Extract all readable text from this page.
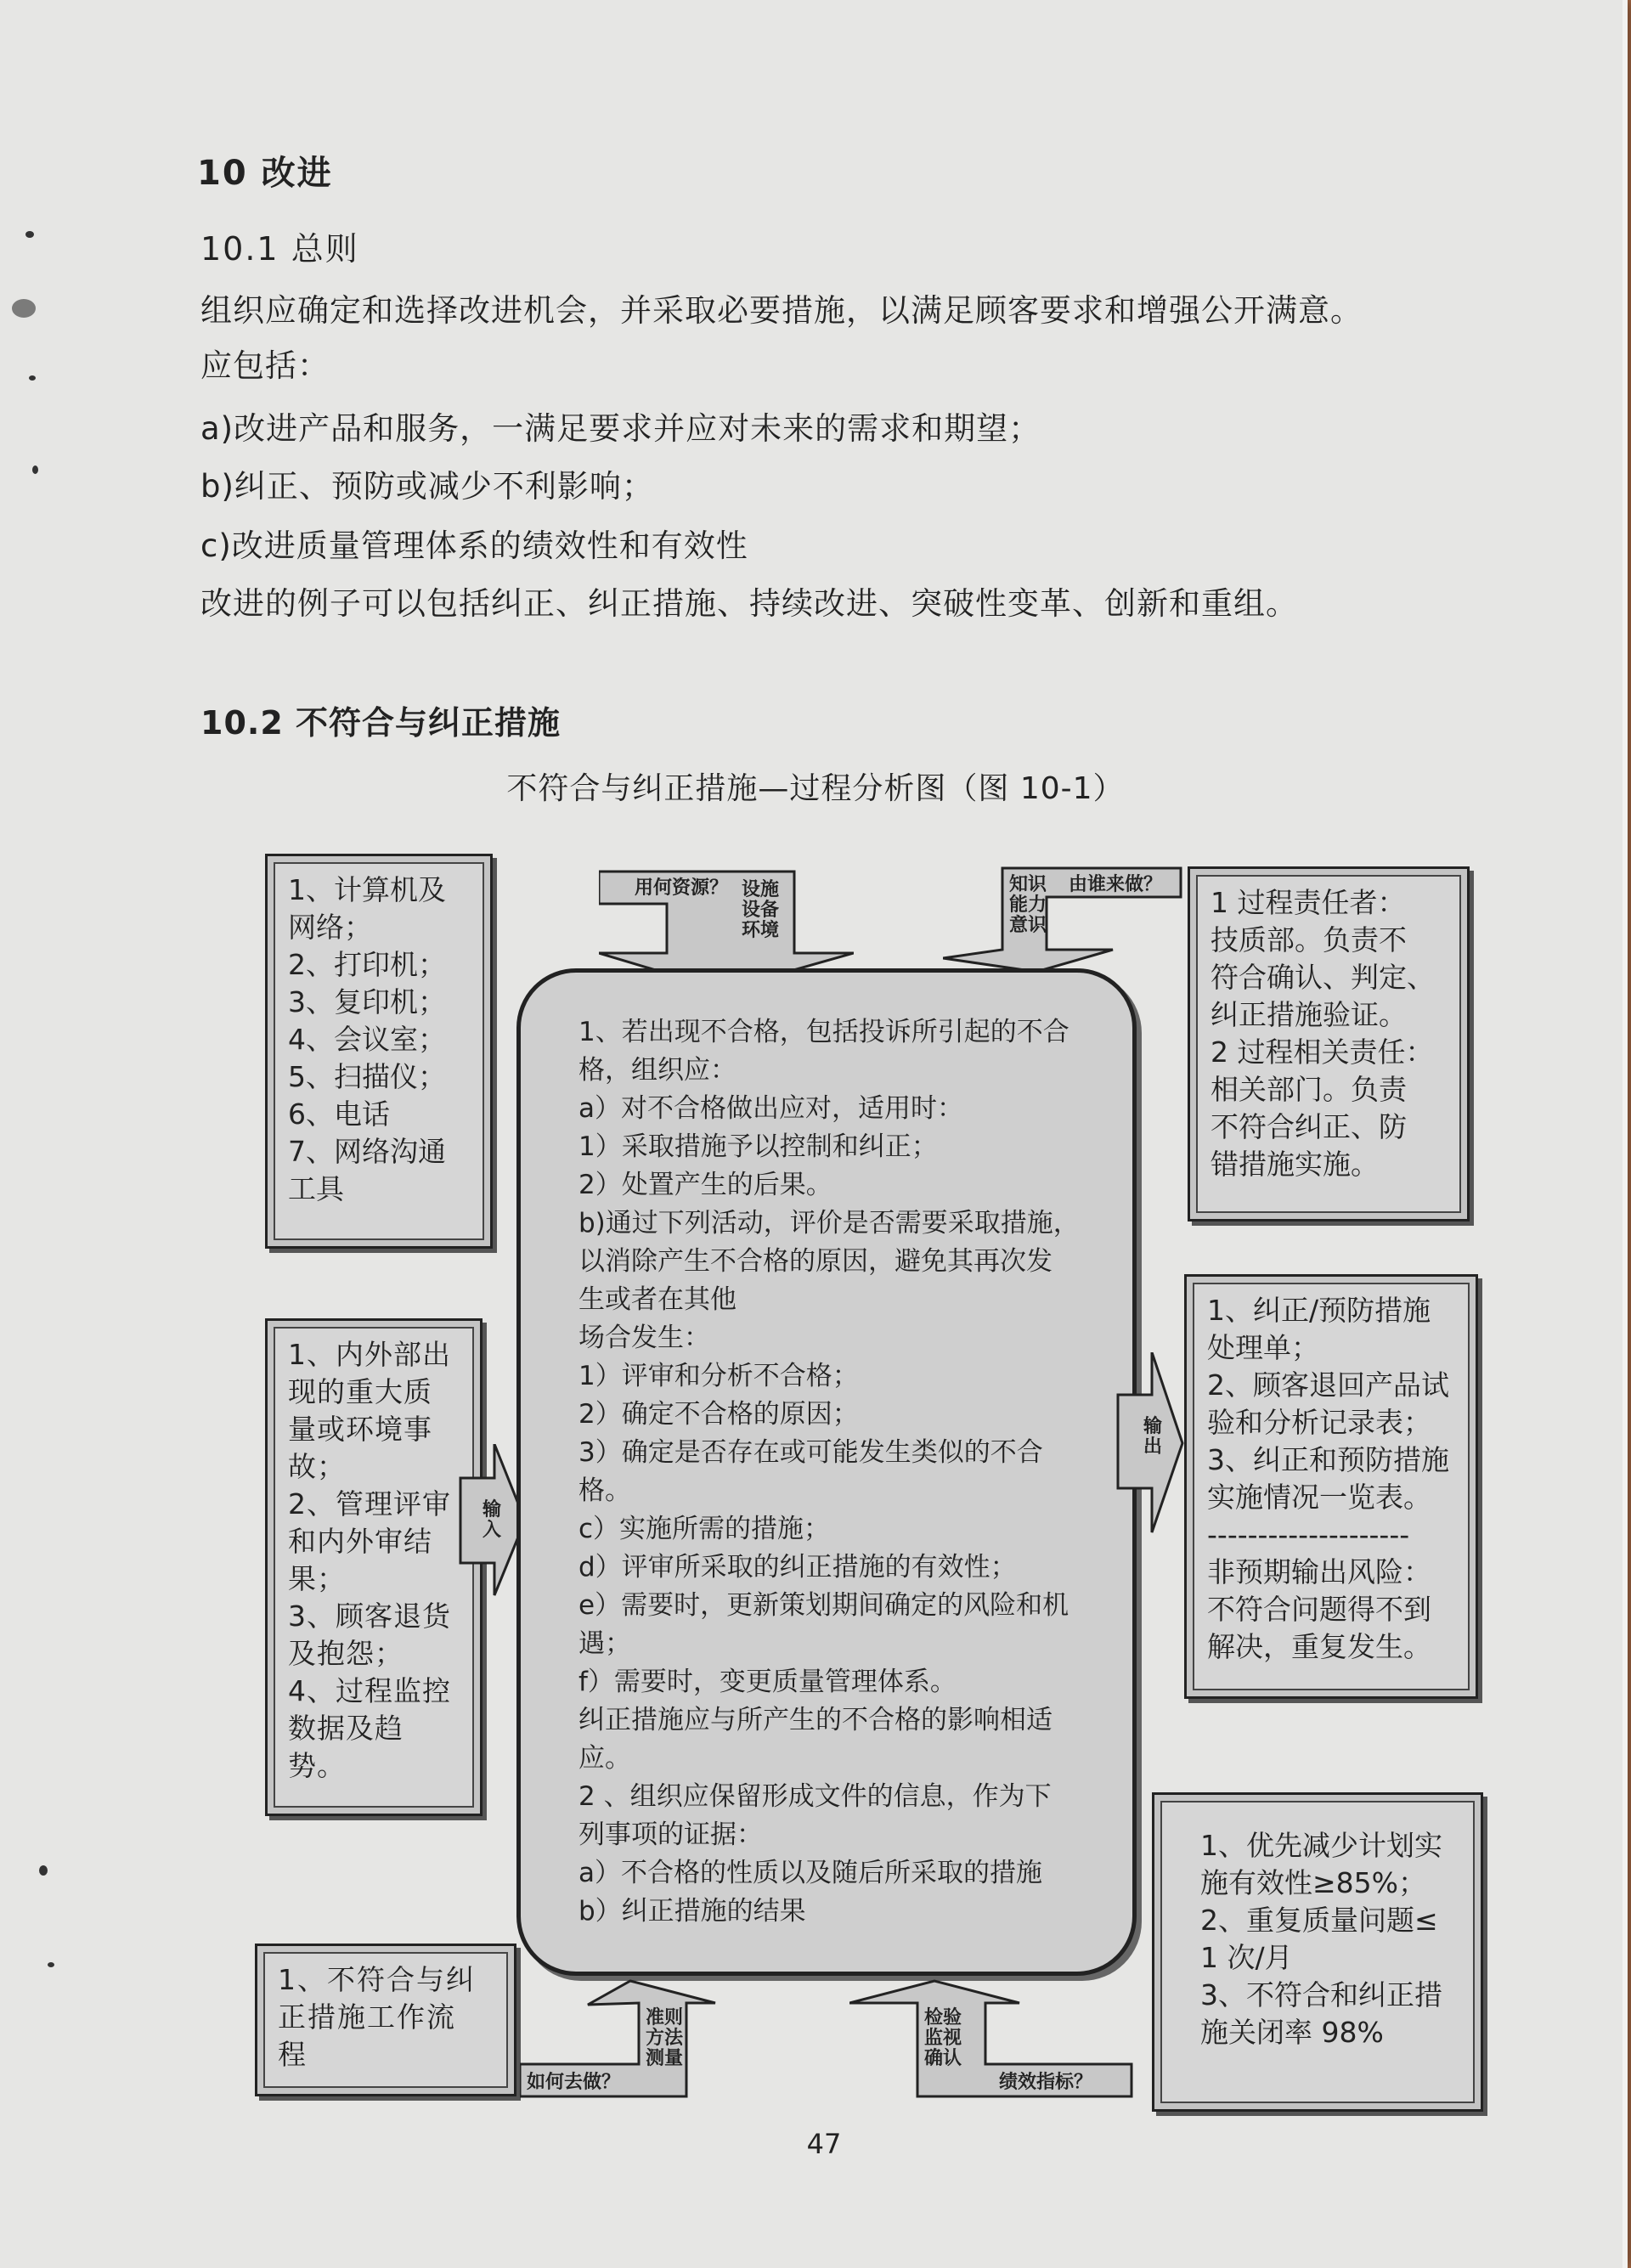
10 改进
10.1 总则
组织应确定和选择改进机会，并采取必要措施，以满足顾客要求和增强公开满意。
应包括：
a)改进产品和服务，一满足要求并应对未来的需求和期望；
b)纠正、预防或减少不利影响；
c)改进质量管理体系的绩效性和有效性
改进的例子可以包括纠正、纠正措施、持续改进、突破性变革、创新和重组。
10.2 不符合与纠正措施
不符合与纠正措施—过程分析图（图 10-1）
用何资源？ 设施
设备
环境
知识
能力
意识
由谁来做？
1、计算机及
网络；
2、打印机；
3、复印机；
4、会议室；
5、扫描仪；
6、电话
7、网络沟通
工具
1、内外部出
现的重大质
量或环境事
故；
2、管理评审
和内外审结
果；
3、顾客退货
及抱怨；
4、过程监控
数据及趋
势。
输
入
1、不符合与纠
正措施工作流
程
1、若出现不合格，包括投诉所引起的不合
格，组织应：
a）对不合格做出应对，适用时：
1）采取措施予以控制和纠正；
2）处置产生的后果。
b)通过下列活动，评价是否需要采取措施，
以消除产生不合格的原因，避免其再次发
生或者在其他
场合发生：
1）评审和分析不合格；
2）确定不合格的原因；
3）确定是否存在或可能发生类似的不合
格。
c）实施所需的措施；
d）评审所采取的纠正措施的有效性；
e）需要时，更新策划期间确定的风险和机
遇；
f）需要时，变更质量管理体系。
纠正措施应与所产生的不合格的影响相适
应。
2 、组织应保留形成文件的信息，作为下
列事项的证据：
a）不合格的性质以及随后所采取的措施
b）纠正措施的结果
如何去做？
准则
方法
测量
检验
监视
确认
绩效指标？
1 过程责任者：
技质部。负责不
符合确认、判定、
纠正措施验证。
2 过程相关责任：
相关部门。负责
不符合纠正、防
错措施实施。
输
出
1、纠正/预防措施
处理单；
2、顾客退回产品试
验和分析记录表；
3、纠正和预防措施
实施情况一览表。
--------------------
非预期输出风险：
不符合问题得不到
解决，重复发生。
1、优先减少计划实
施有效性≥85%；
2、重复质量问题≤
1 次/月
3、不符合和纠正措
施关闭率 98%
47
